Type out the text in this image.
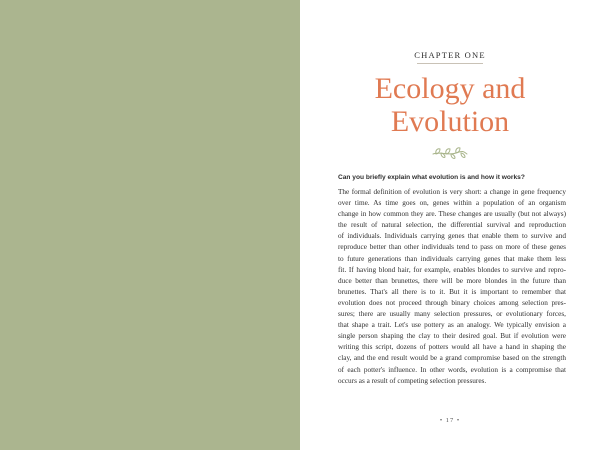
CHAPTER ONE
Ecology and
Evolution
Can you briefly explain what evolution is and how it works?
The formal definition of evolution is very short: a change in gene frequency
over time. As time goes on, genes within a population of an organism
change in how common they are. These changes are usually (but not always)
the result of natural selection, the differential survival and reproduction
of individuals. Individuals carrying genes that enable them to survive and
reproduce better than other individuals tend to pass on more of these genes
to future generations than individuals carrying genes that make them less
fit. If having blond hair, for example, enables blondes to survive and repro-
duce better than brunettes, there will be more blondes in the future than
brunettes. That's all there is to it. But it is important to remember that
evolution does not proceed through binary choices among selection pres-
sures; there are usually many selection pressures, or evolutionary forces,
that shape a trait. Let's use pottery as an analogy. We typically envision a
single person shaping the clay to their desired goal. But if evolution were
writing this script, dozens of potters would all have a hand in shaping the
clay, and the end result would be a grand compromise based on the strength
of each potter's influence. In other words, evolution is a compromise that
occurs as a result of competing selection pressures.
• 17 •
